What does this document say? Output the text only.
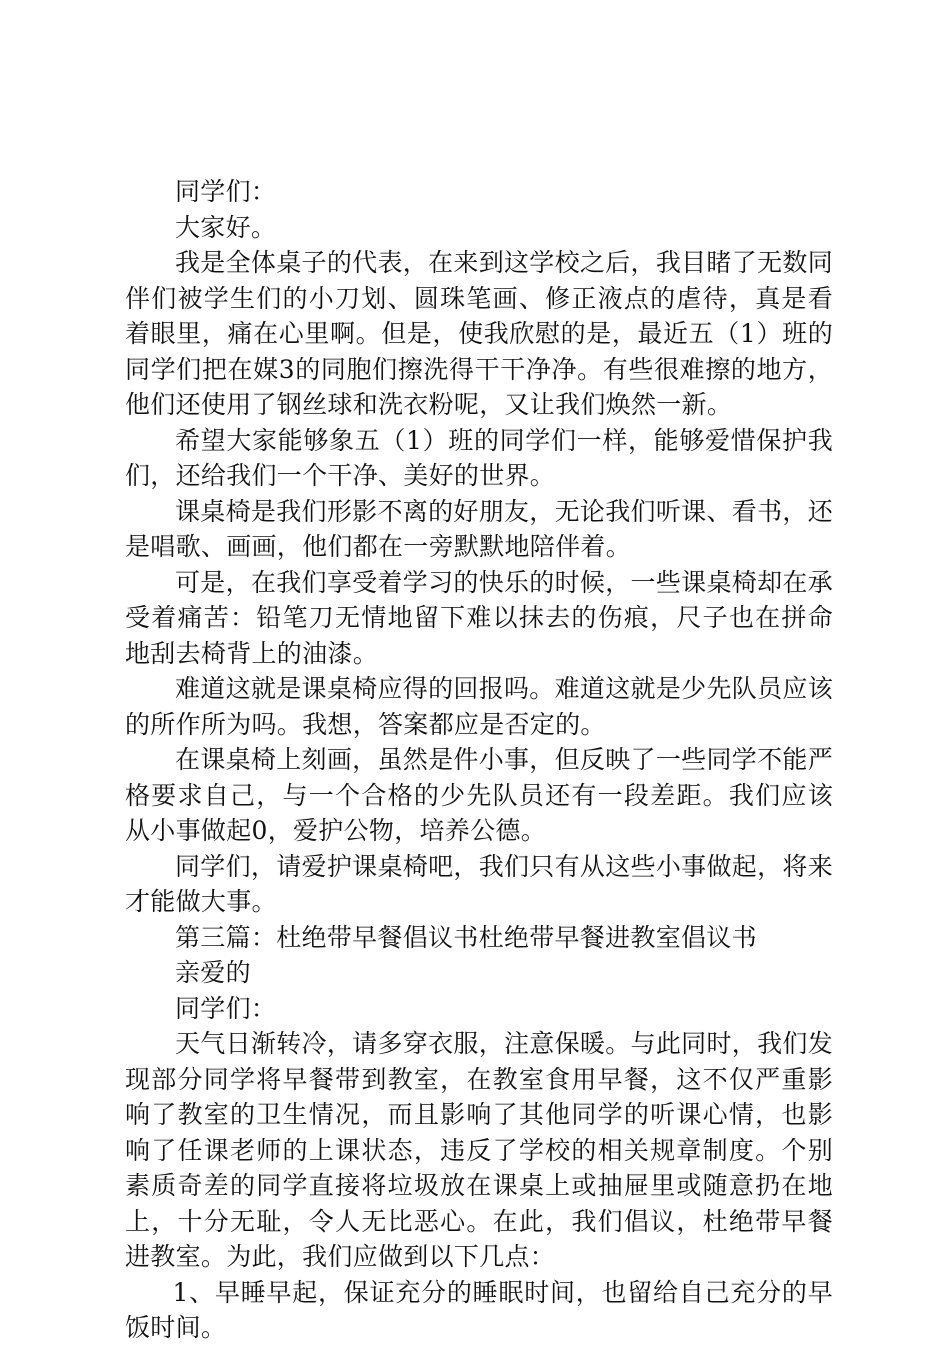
同学们：

大家好。

我是全体桌子的代表，在来到这学校之后，我目睹了无数同伴们被学生们的小刀划、圆珠笔画、修正液点的虐待，真是看着眼里，痛在心里啊。但是，使我欣慰的是，最近五（1）班的同学们把在媒3的同胞们擦洗得干干净净。有些很难擦的地方，他们还使用了钢丝球和洗衣粉呢，又让我们焕然一新。

希望大家能够象五（1）班的同学们一样，能够爱惜保护我们，还给我们一个干净、美好的世界。

课桌椅是我们形影不离的好朋友，无论我们听课、看书，还是唱歌、画画，他们都在一旁默默地陪伴着。

可是，在我们享受着学习的快乐的时候，一些课桌椅却在承受着痛苦：铅笔刀无情地留下难以抹去的伤痕，尺子也在拼命地刮去椅背上的油漆。

难道这就是课桌椅应得的回报吗。难道这就是少先队员应该的所作所为吗。我想，答案都应是否定的。

在课桌椅上刻画，虽然是件小事，但反映了一些同学不能严格要求自己，与一个合格的少先队员还有一段差距。我们应该从小事做起0，爱护公物，培养公德。

同学们，请爱护课桌椅吧，我们只有从这些小事做起，将来才能做大事。

第三篇：杜绝带早餐倡议书杜绝带早餐进教室倡议书

亲爱的

同学们：

天气日渐转冷，请多穿衣服，注意保暖。与此同时，我们发现部分同学将早餐带到教室，在教室食用早餐，这不仅严重影响了教室的卫生情况，而且影响了其他同学的听课心情，也影响了任课老师的上课状态，违反了学校的相关规章制度。个别素质奇差的同学直接将垃圾放在课桌上或抽屉里或随意扔在地上，十分无耻，令人无比恶心。在此，我们倡议，杜绝带早餐进教室。为此，我们应做到以下几点：

1、早睡早起，保证充分的睡眠时间，也留给自己充分的早饭时间。
